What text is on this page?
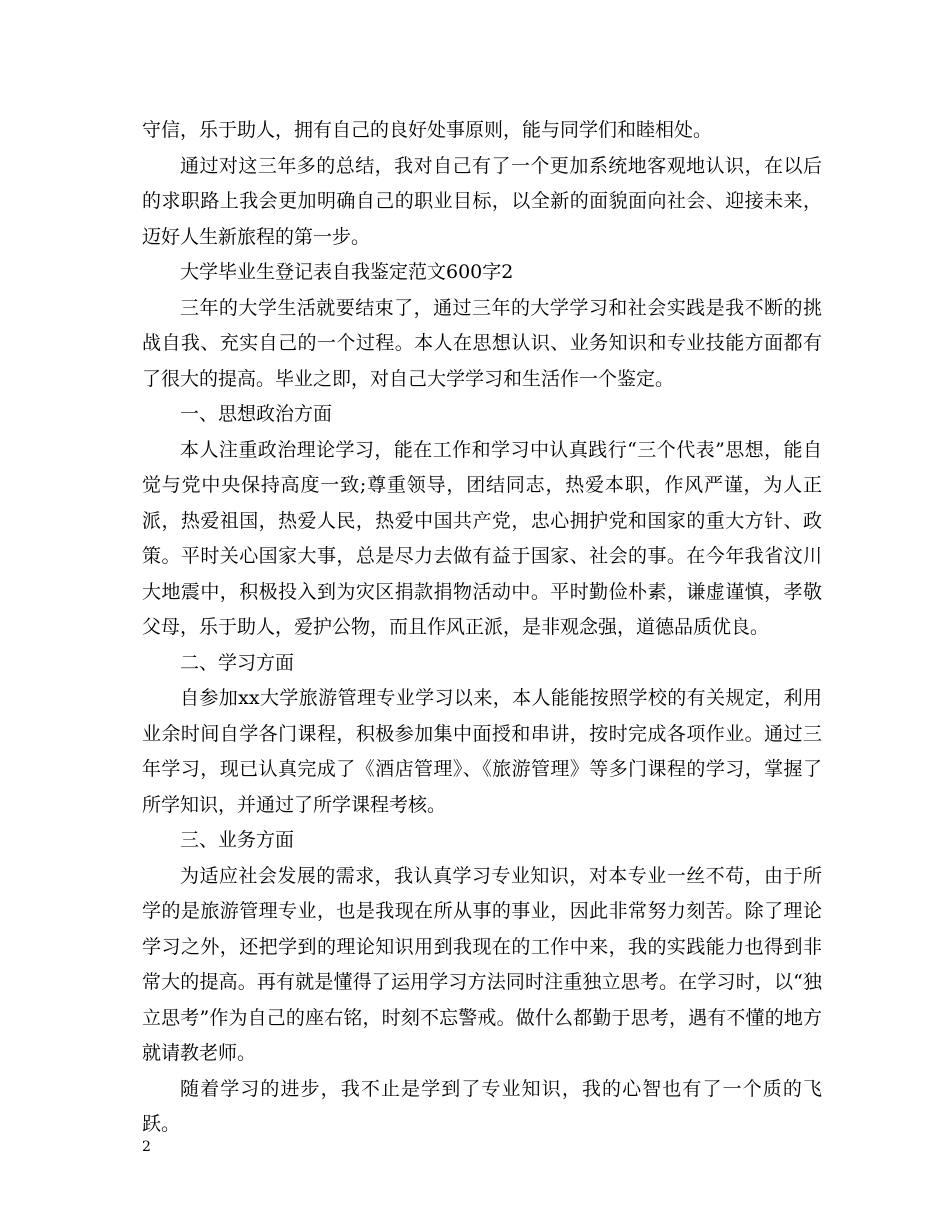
守信，乐于助人，拥有自己的良好处事原则，能与同学们和睦相处。

通过对这三年多的总结，我对自己有了一个更加系统地客观地认识，在以后的求职路上我会更加明确自己的职业目标，以全新的面貌面向社会、迎接未来，迈好人生新旅程的第一步。

大学毕业生登记表自我鉴定范文600字2

三年的大学生活就要结束了，通过三年的大学学习和社会实践是我不断的挑战自我、充实自己的一个过程。本人在思想认识、业务知识和专业技能方面都有了很大的提高。毕业之即，对自己大学学习和生活作一个鉴定。

一、思想政治方面

本人注重政治理论学习，能在工作和学习中认真践行“三个代表”思想，能自觉与党中央保持高度一致;尊重领导，团结同志，热爱本职，作风严谨，为人正派，热爱祖国，热爱人民，热爱中国共产党，忠心拥护党和国家的重大方针、政策。平时关心国家大事，总是尽力去做有益于国家、社会的事。在今年我省汶川大地震中，积极投入到为灾区捐款捐物活动中。平时勤俭朴素，谦虚谨慎，孝敬父母，乐于助人，爱护公物，而且作风正派，是非观念强，道德品质优良。

二、学习方面

自参加xx大学旅游管理专业学习以来，本人能能按照学校的有关规定，利用业余时间自学各门课程，积极参加集中面授和串讲，按时完成各项作业。通过三年学习，现已认真完成了《酒店管理》、《旅游管理》等多门课程的学习，掌握了所学知识，并通过了所学课程考核。

三、业务方面

为适应社会发展的需求，我认真学习专业知识，对本专业一丝不苟，由于所学的是旅游管理专业，也是我现在所从事的事业，因此非常努力刻苦。除了理论学习之外，还把学到的理论知识用到我现在的工作中来，我的实践能力也得到非常大的提高。再有就是懂得了运用学习方法同时注重独立思考。在学习时，以“独立思考”作为自己的座右铭，时刻不忘警戒。做什么都勤于思考，遇有不懂的地方就请教老师。

随着学习的进步，我不止是学到了专业知识，我的心智也有了一个质的飞跃。

2
